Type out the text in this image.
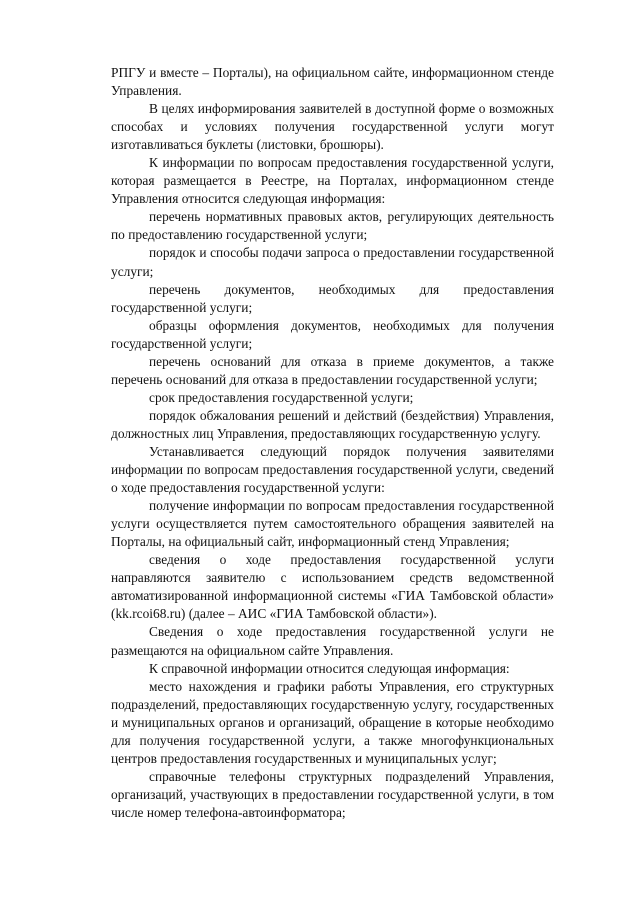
РПГУ и вместе – Порталы), на официальном сайте, информационном стенде Управления.

В целях информирования заявителей в доступной форме о возможных способах и условиях получения государственной услуги могут изготавливаться буклеты (листовки, брошюры).

К информации по вопросам предоставления государственной услуги, которая размещается в Реестре, на Порталах, информационном стенде Управления относится следующая информация:

перечень нормативных правовых актов, регулирующих деятельность по предоставлению государственной услуги;

порядок и способы подачи запроса о предоставлении государственной услуги;

перечень документов, необходимых для предоставления государственной услуги;

образцы оформления документов, необходимых для получения государственной услуги;

перечень оснований для отказа в приеме документов, а также перечень оснований для отказа в предоставлении государственной услуги;

срок предоставления государственной услуги;

порядок обжалования решений и действий (бездействия) Управления, должностных лиц Управления, предоставляющих государственную услугу.

Устанавливается следующий порядок получения заявителями информации по вопросам предоставления государственной услуги, сведений о ходе предоставления государственной услуги:

получение информации по вопросам предоставления государственной услуги осуществляется путем самостоятельного обращения заявителей на Порталы, на официальный сайт, информационный стенд Управления;

сведения о ходе предоставления государственной услуги направляются заявителю с использованием средств ведомственной автоматизированной информационной системы «ГИА Тамбовской области» (kk.rcoi68.ru) (далее – АИС «ГИА Тамбовской области»).

Сведения о ходе предоставления государственной услуги не размещаются на официальном сайте Управления.

К справочной информации относится следующая информация:

место нахождения и графики работы Управления, его структурных подразделений, предоставляющих государственную услугу, государственных и муниципальных органов и организаций, обращение в которые необходимо для получения государственной услуги, а также многофункциональных центров предоставления государственных и муниципальных услуг;

справочные телефоны структурных подразделений Управления, организаций, участвующих в предоставлении государственной услуги, в том числе номер телефона-автоинформатора;
